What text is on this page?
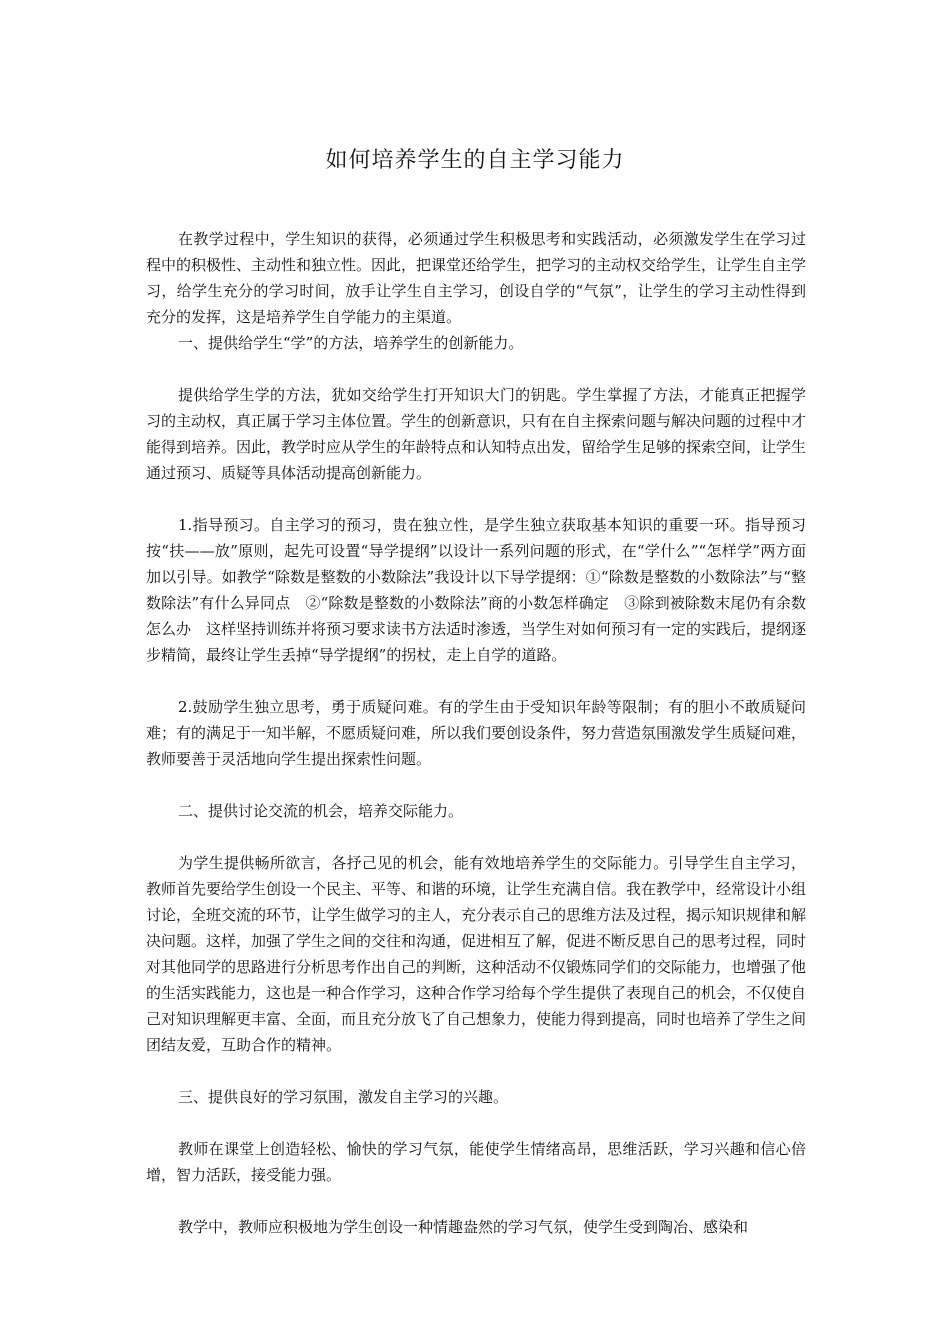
如何培养学生的自主学习能力

在教学过程中，学生知识的获得，必须通过学生积极思考和实践活动，必须激发学生在学习过程中的积极性、主动性和独立性。因此，把课堂还给学生，把学习的主动权交给学生，让学生自主学习，给学生充分的学习时间，放手让学生自主学习，创设自学的“气氛”，让学生的学习主动性得到充分的发挥，这是培养学生自学能力的主渠道。

一、提供给学生“学”的方法，培养学生的创新能力。

提供给学生学的方法，犹如交给学生打开知识大门的钥匙。学生掌握了方法，才能真正把握学习的主动权，真正属于学习主体位置。学生的创新意识，只有在自主探索问题与解决问题的过程中才能得到培养。因此，教学时应从学生的年龄特点和认知特点出发，留给学生足够的探索空间，让学生通过预习、质疑等具体活动提高创新能力。

1.指导预习。自主学习的预习，贵在独立性，是学生独立获取基本知识的重要一环。指导预习按“扶——放”原则，起先可设置“导学提纲”以设计一系列问题的形式，在“学什么”“怎样学”两方面加以引导。如教学“除数是整数的小数除法”我设计以下导学提纲：①“除数是整数的小数除法”与“整数除法”有什么异同点　②“除数是整数的小数除法”商的小数怎样确定　③除到被除数末尾仍有余数怎么办　这样坚持训练并将预习要求读书方法适时渗透，当学生对如何预习有一定的实践后，提纲逐步精简，最终让学生丢掉“导学提纲”的拐杖，走上自学的道路。

2.鼓励学生独立思考，勇于质疑问难。有的学生由于受知识年龄等限制；有的胆小不敢质疑问难；有的满足于一知半解，不愿质疑问难，所以我们要创设条件，努力营造氛围激发学生质疑问难，教师要善于灵活地向学生提出探索性问题。

二、提供讨论交流的机会，培养交际能力。

为学生提供畅所欲言，各抒己见的机会，能有效地培养学生的交际能力。引导学生自主学习，教师首先要给学生创设一个民主、平等、和谐的环境，让学生充满自信。我在教学中，经常设计小组讨论，全班交流的环节，让学生做学习的主人，充分表示自己的思维方法及过程，揭示知识规律和解决问题。这样，加强了学生之间的交往和沟通，促进相互了解，促进不断反思自己的思考过程，同时对其他同学的思路进行分析思考作出自己的判断，这种活动不仅锻炼同学们的交际能力，也增强了他的生活实践能力，这也是一种合作学习，这种合作学习给每个学生提供了表现自己的机会，不仅使自己对知识理解更丰富、全面，而且充分放飞了自己想象力，使能力得到提高，同时也培养了学生之间团结友爱，互助合作的精神。

三、提供良好的学习氛围，激发自主学习的兴趣。

教师在课堂上创造轻松、愉快的学习气氛，能使学生情绪高昂，思维活跃，学习兴趣和信心倍增，智力活跃，接受能力强。

教学中，教师应积极地为学生创设一种情趣盎然的学习气氛，使学生受到陶冶、感染和
